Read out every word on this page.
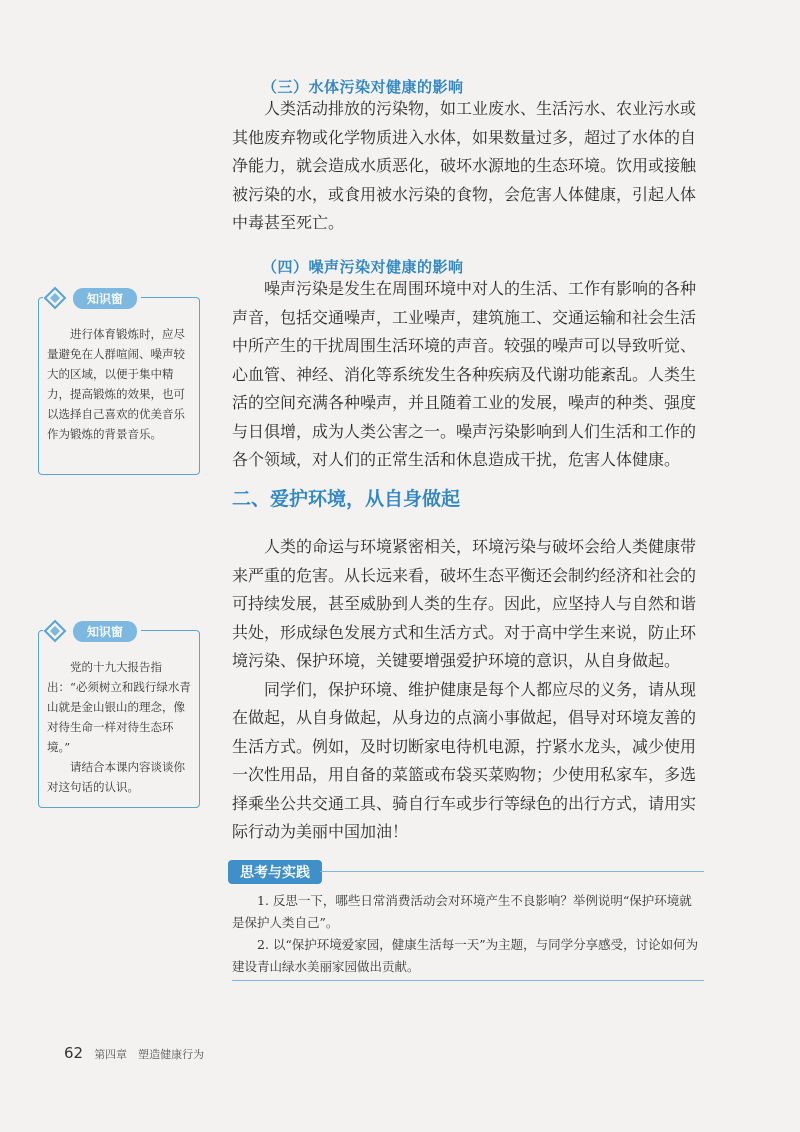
（三）水体污染对健康的影响

人类活动排放的污染物，如工业废水、生活污水、农业污水或其他废弃物或化学物质进入水体，如果数量过多，超过了水体的自净能力，就会造成水质恶化，破坏水源地的生态环境。饮用或接触被污染的水，或食用被水污染的食物，会危害人体健康，引起人体中毒甚至死亡。

（四）噪声污染对健康的影响

噪声污染是发生在周围环境中对人的生活、工作有影响的各种声音，包括交通噪声，工业噪声，建筑施工、交通运输和社会生活中所产生的干扰周围生活环境的声音。较强的噪声可以导致听觉、心血管、神经、消化等系统发生各种疾病及代谢功能紊乱。人类生活的空间充满各种噪声，并且随着工业的发展，噪声的种类、强度与日俱增，成为人类公害之一。噪声污染影响到人们生活和工作的各个领域，对人们的正常生活和休息造成干扰，危害人体健康。

二、爱护环境，从自身做起

人类的命运与环境紧密相关，环境污染与破坏会给人类健康带来严重的危害。从长远来看，破坏生态平衡还会制约经济和社会的可持续发展，甚至威胁到人类的生存。因此，应坚持人与自然和谐共处，形成绿色发展方式和生活方式。对于高中学生来说，防止环境污染、保护环境，关键要增强爱护环境的意识，从自身做起。

同学们，保护环境、维护健康是每个人都应尽的义务，请从现在做起，从自身做起，从身边的点滴小事做起，倡导对环境友善的生活方式。例如，及时切断家电待机电源，拧紧水龙头，减少使用一次性用品，用自备的菜篮或布袋买菜购物；少使用私家车，多选择乘坐公共交通工具、骑自行车或步行等绿色的出行方式，请用实际行动为美丽中国加油！

知识窗

进行体育锻炼时，应尽量避免在人群喧闹、噪声较大的区域，以便于集中精力，提高锻炼的效果，也可以选择自己喜欢的优美音乐作为锻炼的背景音乐。

知识窗

党的十九大报告指出：“必须树立和践行绿水青山就是金山银山的理念，像对待生命一样对待生态环境。”

请结合本课内容谈谈你对这句话的认识。

思考与实践

1. 反思一下，哪些日常消费活动会对环境产生不良影响？举例说明“保护环境就是保护人类自己”。

2. 以“保护环境爱家园，健康生活每一天”为主题，与同学分享感受，讨论如何为建设青山绿水美丽家园做出贡献。

62 第四章　塑造健康行为
